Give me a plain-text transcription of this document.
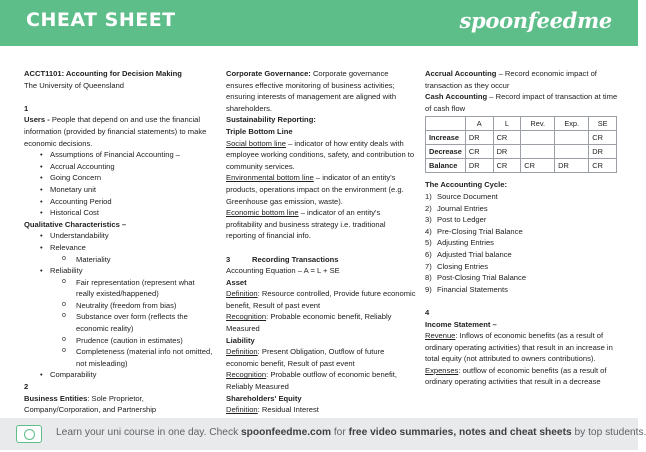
CHEAT SHEET	spoonfeedme
ACCT1101: Accounting for Decision Making
The University of Queensland
1
Users - People that depend on and use the financial information (provided by financial statements) to make economic decisions.
• Assumptions of Financial Accounting –
• Accrual Accounting
• Going Concern
• Monetary unit
• Accounting Period
• Historical Cost
Qualitative Characteristics –
• Understandability
• Relevance
o Materiality
• Reliability
o Fair representation (represent what really existed/happened)
o Neutrality (freedom from bias)
o Substance over form (reflects the economic reality)
o Prudence (caution in estimates)
o Completeness (material info not omitted, not misleading)
• Comparability
2
Business Entities: Sole Proprietor, Company/Corporation, and Partnership
Corporate Governance: Corporate governance ensures effective monitoring of business activities; ensuring interests of management are aligned with shareholders.
Sustainability Reporting:
Triple Bottom Line
Social bottom line – indicator of how entity deals with employee working conditions, safety, and contribution to community services.
Environmental bottom line – indicator of an entity's products, operations impact on the environment (e.g. Greenhouse gas emission, waste).
Economic bottom line – indicator of an entity's profitability and business strategy i.e. traditional reporting of financial info.
3	Recording Transactions
Accounting Equation – A = L + SE
Asset
Definition: Resource controlled, Provide future economic benefit, Result of past event
Recognition: Probable economic benefit, Reliably Measured
Liability
Definition: Present Obligation, Outflow of future economic benefit, Result of past event
Recognition: Probable outflow of economic benefit, Reliably Measured
Shareholders' Equity
Definition: Residual Interest
Accrual Accounting – Record economic impact of transaction as they occur
Cash Accounting – Record impact of transaction at time of cash flow
	A	L	Rev.	Exp.	SE
Increase	DR	CR			CR
Decrease	CR	DR			DR
Balance	DR	CR	CR	DR	CR
The Accounting Cycle:
1) Source Document
2) Journal Entries
3) Post to Ledger
4) Pre-Closing Trial Balance
5) Adjusting Entries
6) Adjusted Trial balance
7) Closing Entries
8) Post-Closing Trial Balance
9) Financial Statements
4
Income Statement –
Revenue: Inflows of economic benefits (as a result of ordinary operating activities) that result in an increase in total equity (not attributed to owners contributions).
Expenses: outflow of economic benefits (as a result of ordinary operating activities that result in a decrease
Learn your uni course in one day. Check spoonfeedme.com for free video summaries, notes and cheat sheets by top students.
